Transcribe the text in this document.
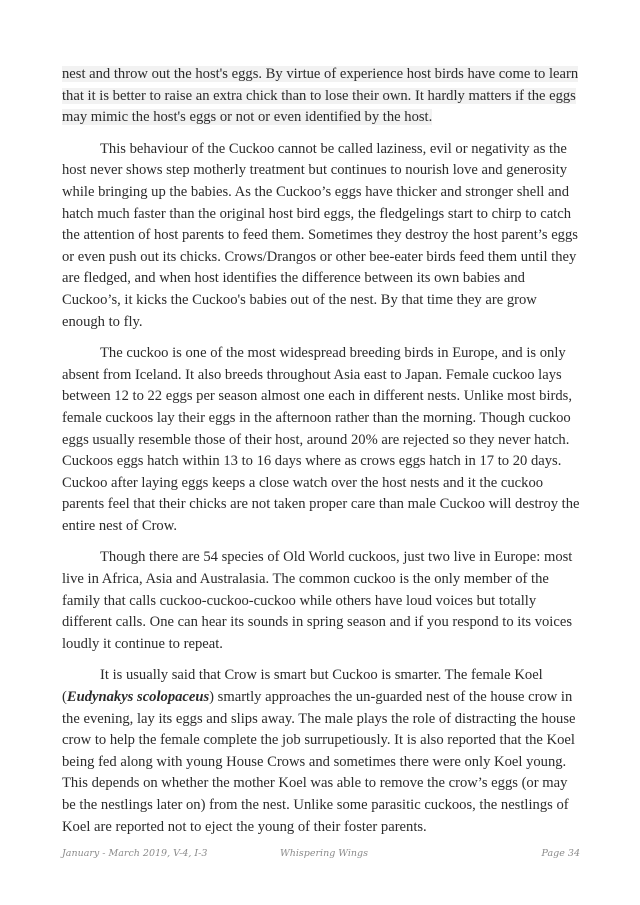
nest and throw out the host's eggs. By virtue of experience host birds have come to learn that it is better to raise an extra chick than to lose their own. It hardly matters if the eggs may mimic the host's eggs or not or even identified by the host.

This behaviour of the Cuckoo cannot be called laziness, evil or negativity as the host never shows step motherly treatment but continues to nourish love and generosity while bringing up the babies. As the Cuckoo’s eggs have thicker and stronger shell and hatch much faster than the original host bird eggs, the fledgelings start to chirp to catch the attention of host parents to feed them. Sometimes they destroy the host parent’s eggs or even push out its chicks. Crows/Drangos or other bee-eater birds feed them until they are fledged, and when host identifies the difference between its own babies and Cuckoo’s, it kicks the Cuckoo's babies out of the nest. By that time they are grow enough to fly.

The cuckoo is one of the most widespread breeding birds in Europe, and is only absent from Iceland. It also breeds throughout Asia east to Japan. Female cuckoo lays between 12 to 22 eggs per season almost one each in different nests. Unlike most birds, female cuckoos lay their eggs in the afternoon rather than the morning. Though cuckoo eggs usually resemble those of their host, around 20% are rejected so they never hatch. Cuckoos eggs hatch within 13 to 16 days where as crows eggs hatch in 17 to 20 days. Cuckoo after laying eggs keeps a close watch over the host nests and it the cuckoo parents feel that their chicks are not taken proper care than male Cuckoo will destroy the entire nest of Crow.

Though there are 54 species of Old World cuckoos, just two live in Europe: most live in Africa, Asia and Australasia. The common cuckoo is the only member of the family that calls cuckoo-cuckoo-cuckoo while others have loud voices but totally different calls. One can hear its sounds in spring season and if you respond to its voices loudly it continue to repeat.

It is usually said that Crow is smart but Cuckoo is smarter. The female Koel (Eudynakys scolopaceus) smartly approaches the un-guarded nest of the house crow in the evening, lay its eggs and slips away. The male plays the role of distracting the house crow to help the female complete the job surrupetiously. It is also reported that the Koel being fed along with young House Crows and sometimes there were only Koel young. This depends on whether the mother Koel was able to remove the crow’s eggs (or may be the nestlings later on) from the nest. Unlike some parasitic cuckoos, the nestlings of Koel are reported not to eject the young of their foster parents.

January - March 2019, V-4, I-3	Whispering Wings	Page 34
